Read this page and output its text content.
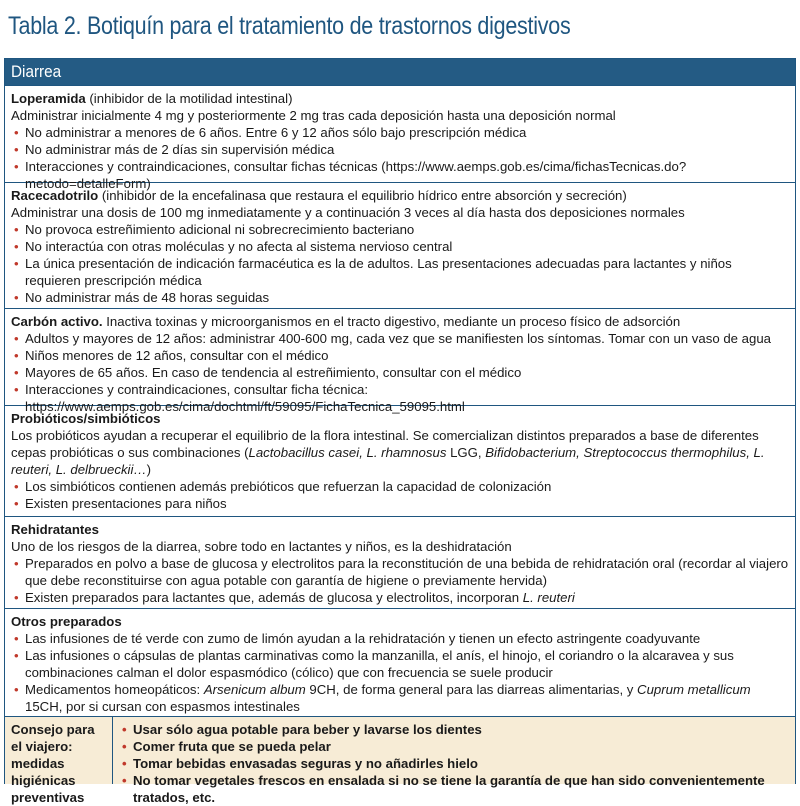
Tabla 2. Botiquín para el tratamiento de trastornos digestivos
Diarrea
Loperamida (inhibidor de la motilidad intestinal)
Administrar inicialmente 4 mg y posteriormente 2 mg tras cada deposición hasta una deposición normal
• No administrar a menores de 6 años. Entre 6 y 12 años sólo bajo prescripción médica
• No administrar más de 2 días sin supervisión médica
• Interacciones y contraindicaciones, consultar fichas técnicas (https://www.aemps.gob.es/cima/fichasTecnicas.do?metodo=detalleForm)
Racecadotrilo (inhibidor de la encefalinasa que restaura el equilibrio hídrico entre absorción y secreción)
Administrar una dosis de 100 mg inmediatamente y a continuación 3 veces al día hasta dos deposiciones normales
• No provoca estreñimiento adicional ni sobrecrecimiento bacteriano
• No interactúa con otras moléculas y no afecta al sistema nervioso central
• La única presentación de indicación farmacéutica es la de adultos. Las presentaciones adecuadas para lactantes y niños requieren prescripción médica
• No administrar más de 48 horas seguidas
Carbón activo. Inactiva toxinas y microorganismos en el tracto digestivo, mediante un proceso físico de adsorción
• Adultos y mayores de 12 años: administrar 400-600 mg, cada vez que se manifiesten los síntomas. Tomar con un vaso de agua
• Niños menores de 12 años, consultar con el médico
• Mayores de 65 años. En caso de tendencia al estreñimiento, consultar con el médico
• Interacciones y contraindicaciones, consultar ficha técnica: https://www.aemps.gob.es/cima/dochtml/ft/59095/FichaTecnica_59095.html
Probióticos/simbióticos
Los probióticos ayudan a recuperar el equilibrio de la flora intestinal. Se comercializan distintos preparados a base de diferentes cepas probióticas o sus combinaciones (Lactobacillus casei, L. rhamnosus LGG, Bifidobacterium, Streptococcus thermophilus, L. reuteri, L. delbrueckii…)
• Los simbióticos contienen además prebióticos que refuerzan la capacidad de colonización
• Existen presentaciones para niños
Rehidratantes
Uno de los riesgos de la diarrea, sobre todo en lactantes y niños, es la deshidratación
• Preparados en polvo a base de glucosa y electrolitos para la reconstitución de una bebida de rehidratación oral (recordar al viajero que debe reconstituirse con agua potable con garantía de higiene o previamente hervida)
• Existen preparados para lactantes que, además de glucosa y electrolitos, incorporan L. reuteri
Otros preparados
• Las infusiones de té verde con zumo de limón ayudan a la rehidratación y tienen un efecto astringente coadyuvante
• Las infusiones o cápsulas de plantas carminativas como la manzanilla, el anís, el hinojo, el coriandro o la alcaravea y sus combinaciones calman el dolor espasmódico (cólico) que con frecuencia se suele producir
• Medicamentos homeopáticos: Arsenicum album 9CH, de forma general para las diarreas alimentarias, y Cuprum metallicum 15CH, por si cursan con espasmos intestinales
Consejo para el viajero: medidas higiénicas preventivas
• Usar sólo agua potable para beber y lavarse los dientes
• Comer fruta que se pueda pelar
• Tomar bebidas envasadas seguras y no añadirles hielo
• No tomar vegetales frescos en ensalada si no se tiene la garantía de que han sido convenientemente tratados, etc.
